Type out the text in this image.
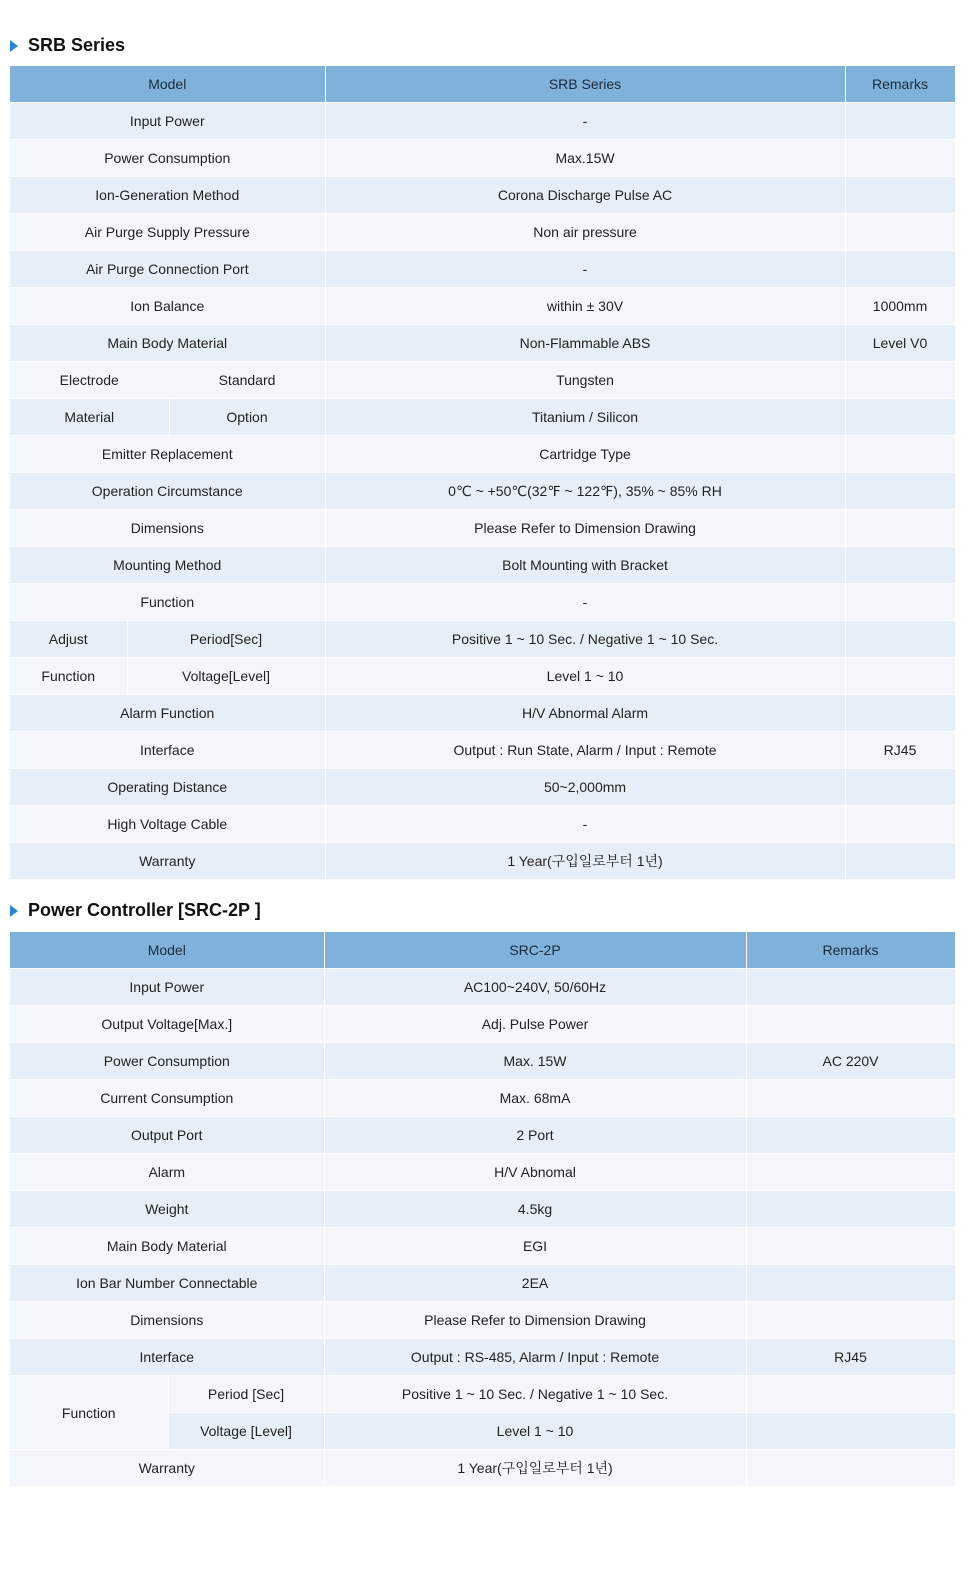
SRB Series
Model			SRB Series	Remarks
Input Power			-	
Power Consumption			Max.15W	
Ion-Generation Method			Corona Discharge Pulse AC	
Air Purge Supply Pressure			Non air pressure	
Air Purge Connection Port			-	
Ion Balance			within ± 30V	1000mm
Main Body Material			Non-Flammable ABS	Level V0
Electrode		Standard	Tungsten	
Material		Option	Titanium / Silicon	
Emitter Replacement			Cartridge Type	
Operation Circumstance			0℃ ~ +50℃(32℉ ~ 122℉), 35% ~ 85% RH	
Dimensions			Please Refer to Dimension Drawing	
Mounting Method			Bolt Mounting with Bracket	
Function			-	
Adjust	Period[Sec]		Positive 1 ~ 10 Sec. / Negative 1 ~ 10 Sec.	
Function	Voltage[Level]		Level 1 ~ 10	
Alarm Function			H/V Abnormal Alarm	
Interface			Output : Run State, Alarm / Input : Remote	RJ45
Operating Distance			50~2,000mm	
High Voltage Cable			-	
Warranty			1 Year(구입일로부터 1년)	
Power Controller [SRC-2P ]
Model		SRC-2P	Remarks
Input Power		AC100~240V, 50/60Hz	
Output Voltage[Max.]		Adj. Pulse Power	
Power Consumption		Max. 15W	AC 220V
Current Consumption		Max. 68mA	
Output Port		2 Port	
Alarm		H/V Abnomal	
Weight		4.5kg	
Main Body Material		EGI	
Ion Bar Number Connectable		2EA	
Dimensions		Please Refer to Dimension Drawing	
Interface		Output : RS-485, Alarm / Input : Remote	RJ45
Function	Period [Sec]	Positive 1 ~ 10 Sec. / Negative 1 ~ 10 Sec.	
	Voltage [Level]	Level 1 ~ 10	
Warranty		1 Year(구입일로부터 1년)	
